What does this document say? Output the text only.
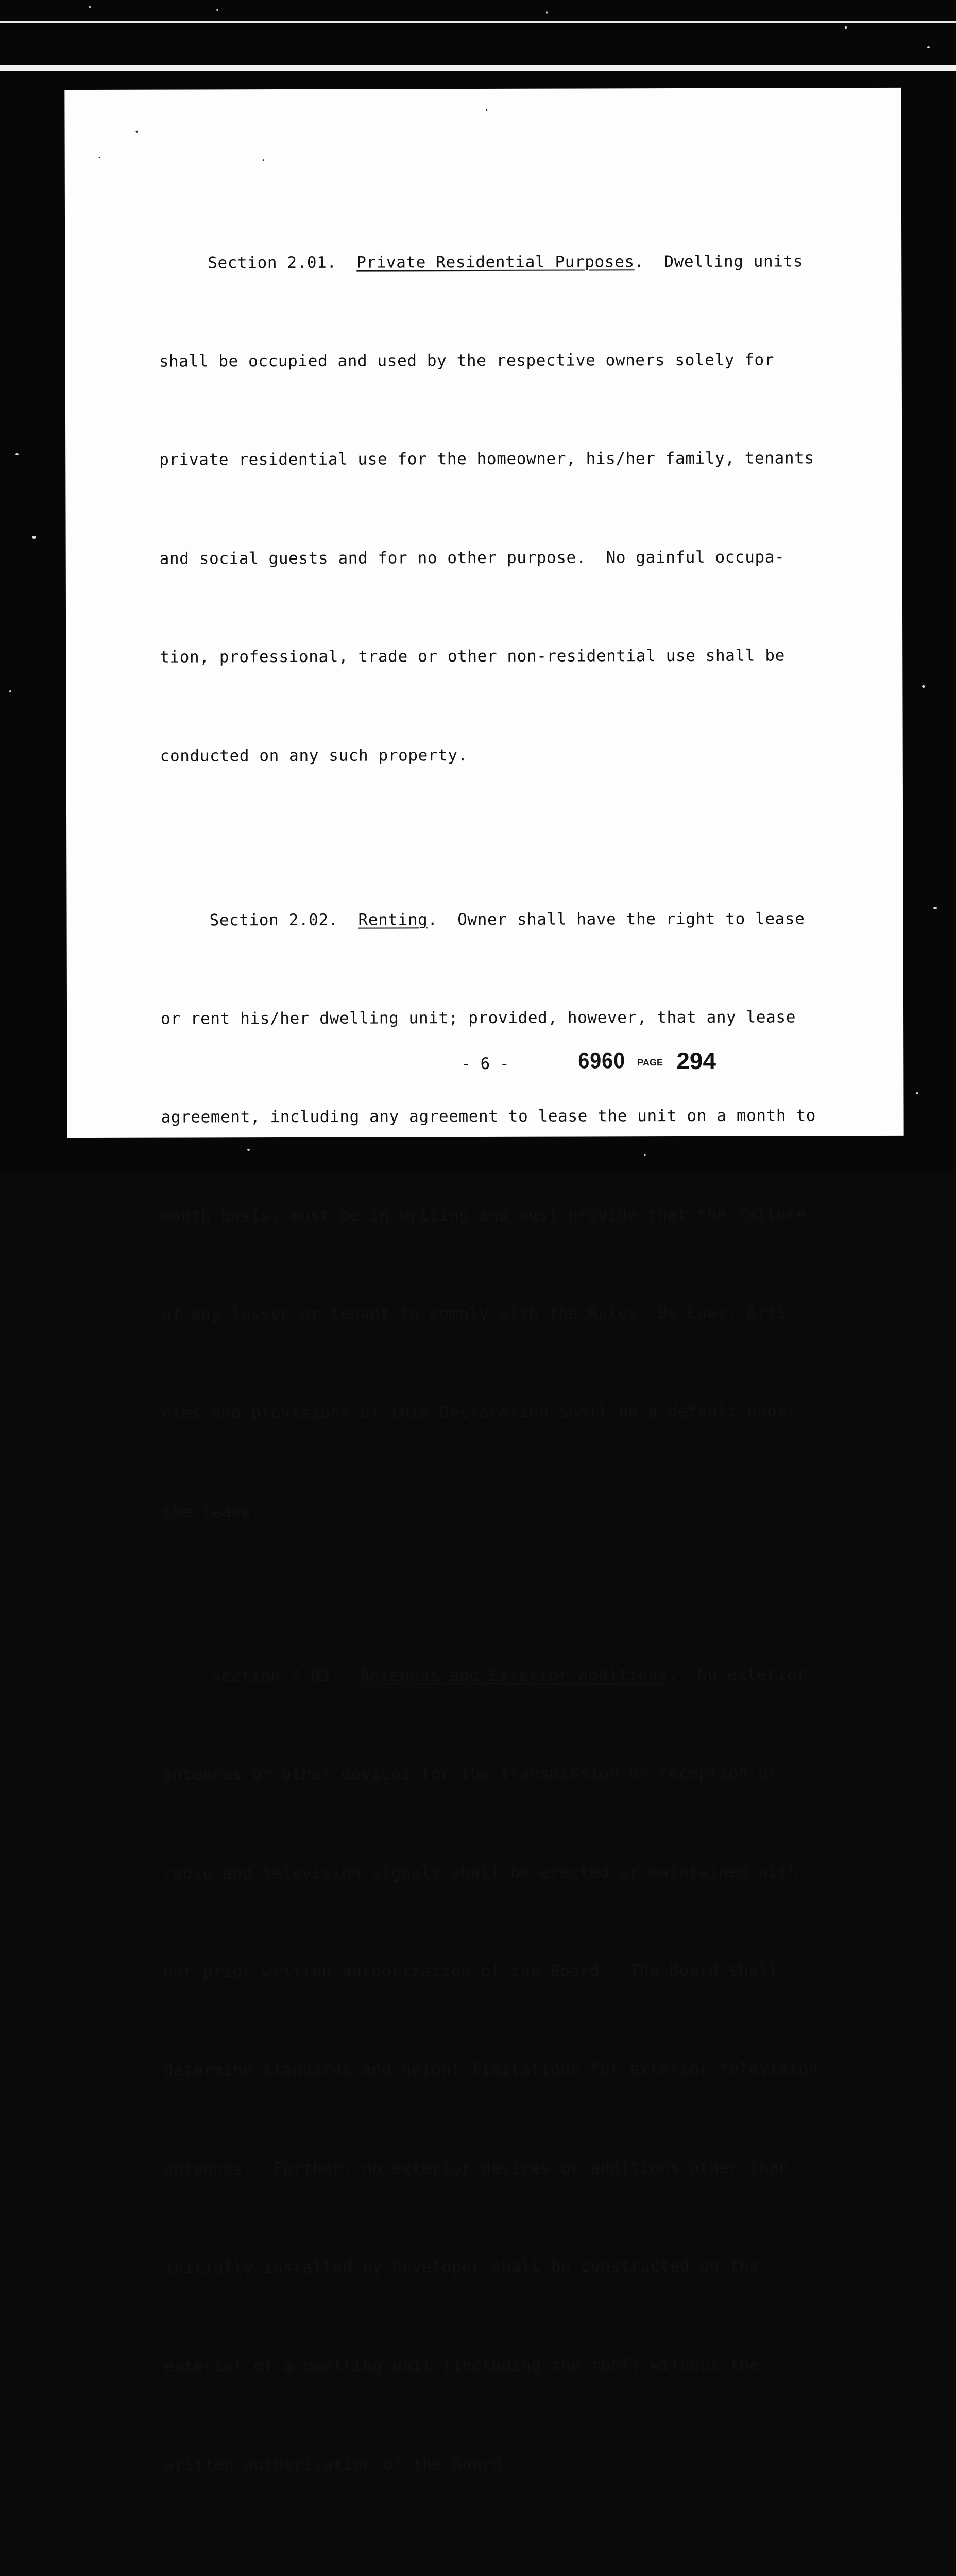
Section 2.01. Private Residential Purposes.  Dwelling units

shall be occupied and used by the respective owners solely for

private residential use for the homeowner, his/her family, tenants

and social guests and for no other purpose.  No gainful occupa-

tion, professional, trade or other non-residential use shall be

conducted on any such property.

Section 2.02. Renting.  Owner shall have the right to lease

or rent his/her dwelling unit; provided, however, that any lease

agreement, including any agreement to lease the unit on a month to

month basis, must be in writing and must provide that the failure

of any lessee or tenant to comply with the Rules, By-Laws, Arti-

cles and provisions of this Declaration shall be a default under

the lease.

Section 2.03. Antennas and Exterior Additions.  No exterior

antennas or other devices for the transmission or reception of

radio and television signals shall be erected or maintained with

out prior written authorization of the Board.  The Board shall

determine standards and height limitations for exterior television

antennas.  Further, no exterior devices or additions other than

initially installed by Developer shall be constructed on the

exterior of a dwelling unit (including the roof) without the

written authorization of the Board.

- 6 -	6960 PAGE 294
